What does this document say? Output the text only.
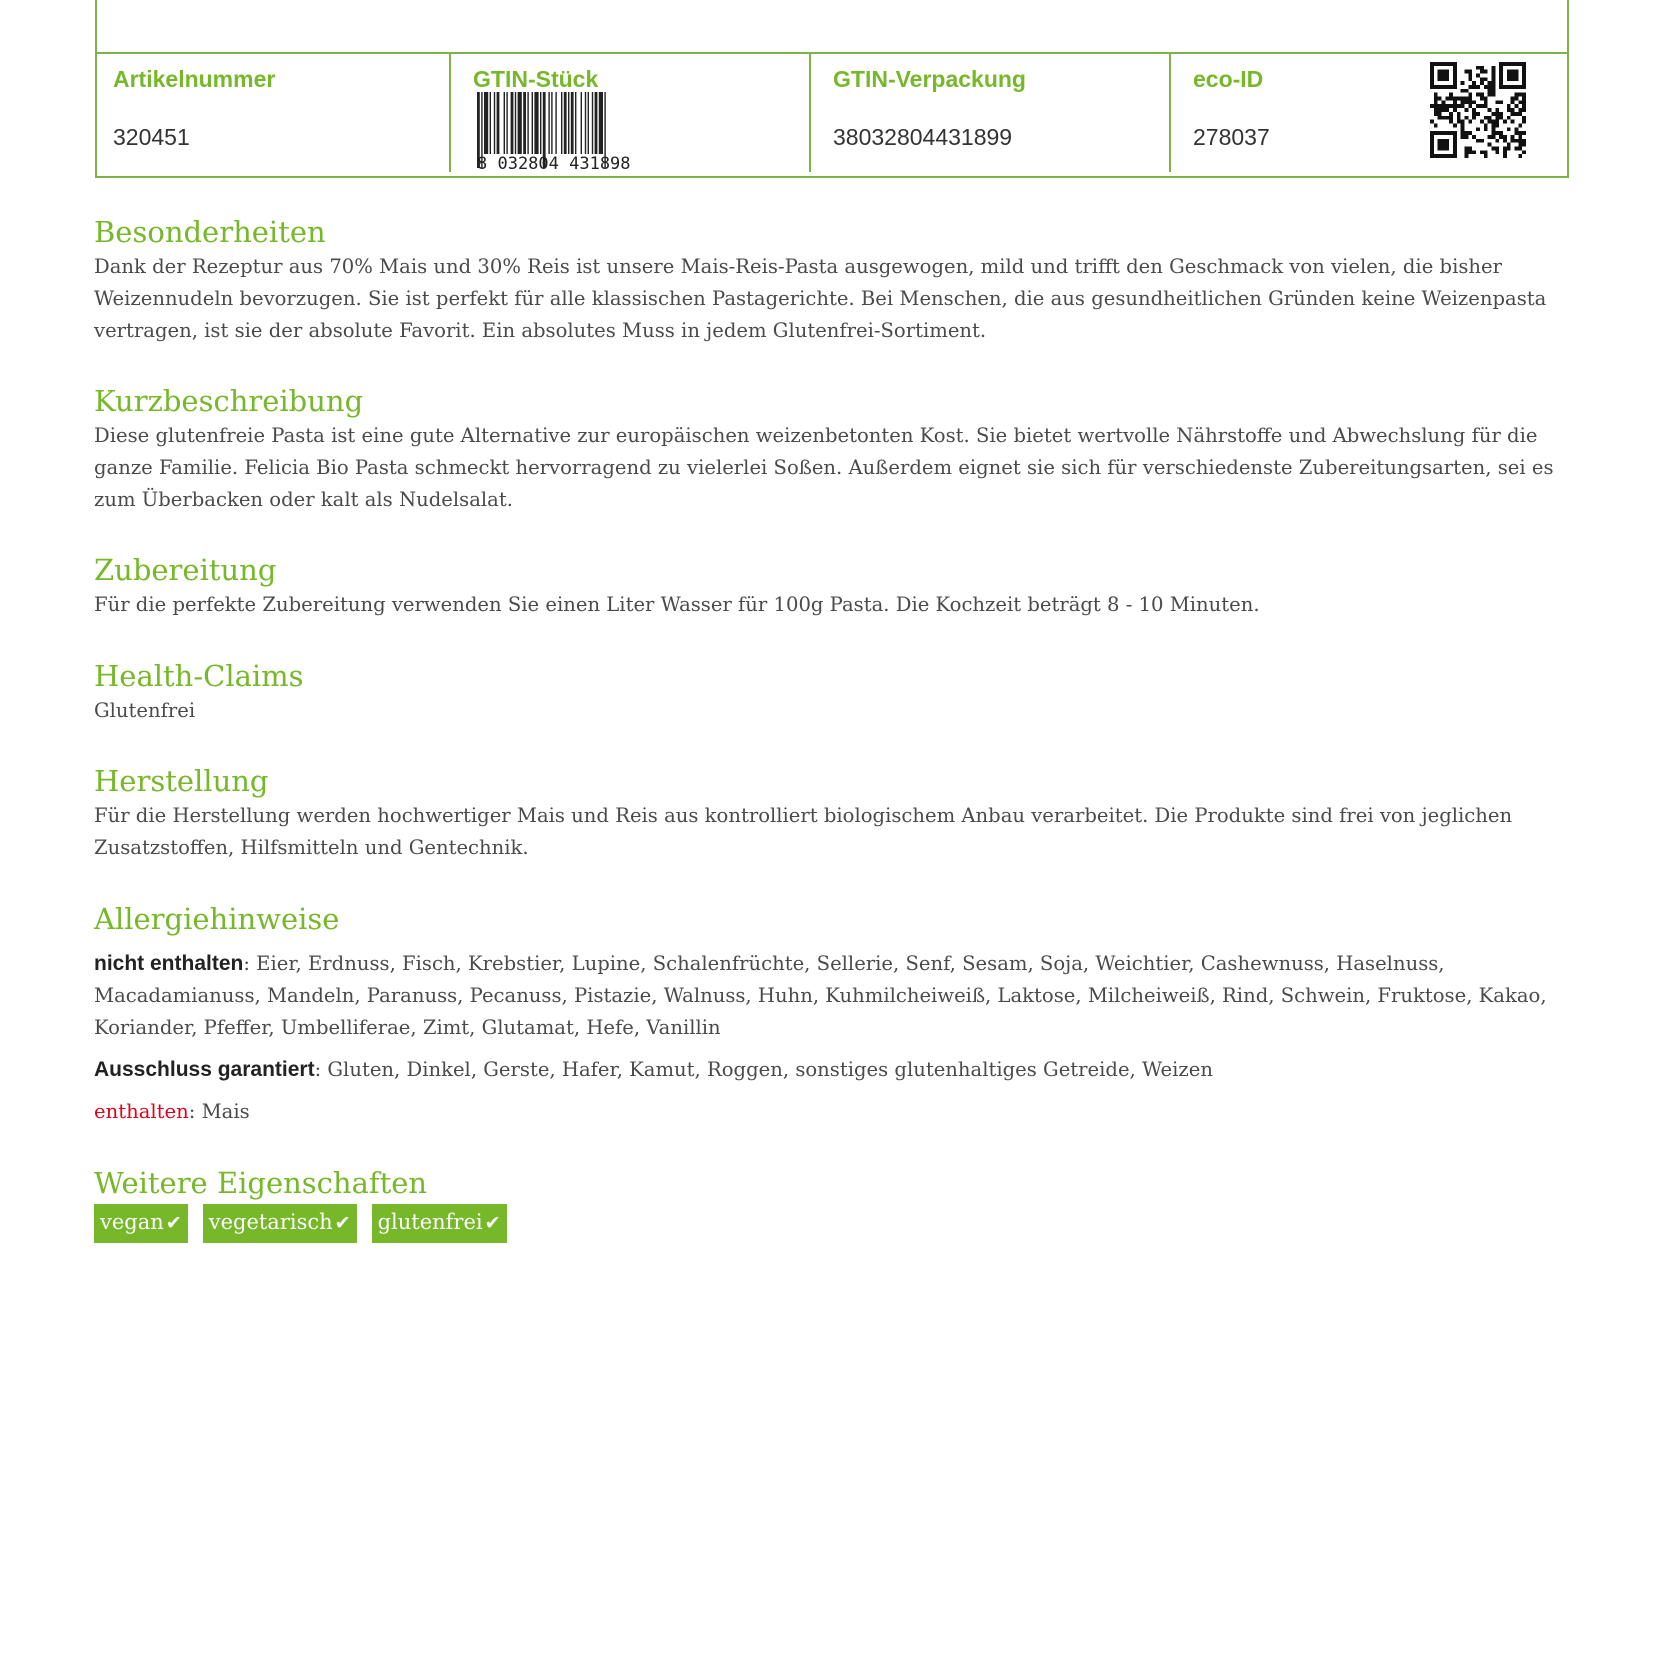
Artikelnummer
320451
GTIN-Stück
8 032804 431898
GTIN-Verpackung
38032804431899
eco-ID
278037
Besonderheiten

Dank der Rezeptur aus 70% Mais und 30% Reis ist unsere Mais-Reis-Pasta ausgewogen, mild und trifft den Geschmack von vielen, die bisher Weizennudeln bevorzugen. Sie ist perfekt für alle klassischen Pastagerichte. Bei Menschen, die aus gesundheitlichen Gründen keine Weizenpasta vertragen, ist sie der absolute Favorit. Ein absolutes Muss in jedem Glutenfrei-Sortiment.

Kurzbeschreibung

Diese glutenfreie Pasta ist eine gute Alternative zur europäischen weizenbetonten Kost. Sie bietet wertvolle Nährstoffe und Abwechslung für die ganze Familie. Felicia Bio Pasta schmeckt hervorragend zu vielerlei Soßen. Außerdem eignet sie sich für verschiedenste Zubereitungsarten, sei es zum Überbacken oder kalt als Nudelsalat.

Zubereitung

Für die perfekte Zubereitung verwenden Sie einen Liter Wasser für 100g Pasta. Die Kochzeit beträgt 8 - 10 Minuten.

Health-Claims

Glutenfrei

Herstellung

Für die Herstellung werden hochwertiger Mais und Reis aus kontrolliert biologischem Anbau verarbeitet. Die Produkte sind frei von jeglichen Zusatzstoffen, Hilfsmitteln und Gentechnik.

Allergiehinweise

nicht enthalten: Eier, Erdnuss, Fisch, Krebstier, Lupine, Schalenfrüchte, Sellerie, Senf, Sesam, Soja, Weichtier, Cashewnuss, Haselnuss, Macadamianuss, Mandeln, Paranuss, Pecanuss, Pistazie, Walnuss, Huhn, Kuhmilcheiweiß, Laktose, Milcheiweiß, Rind, Schwein, Fruktose, Kakao, Koriander, Pfeffer, Umbelliferae, Zimt, Glutamat, Hefe, Vanillin

Ausschluss garantiert: Gluten, Dinkel, Gerste, Hafer, Kamut, Roggen, sonstiges glutenhaltiges Getreide, Weizen

enthalten: Mais

Weitere Eigenschaften
vegan ✔ vegetarisch ✔ glutenfrei ✔
